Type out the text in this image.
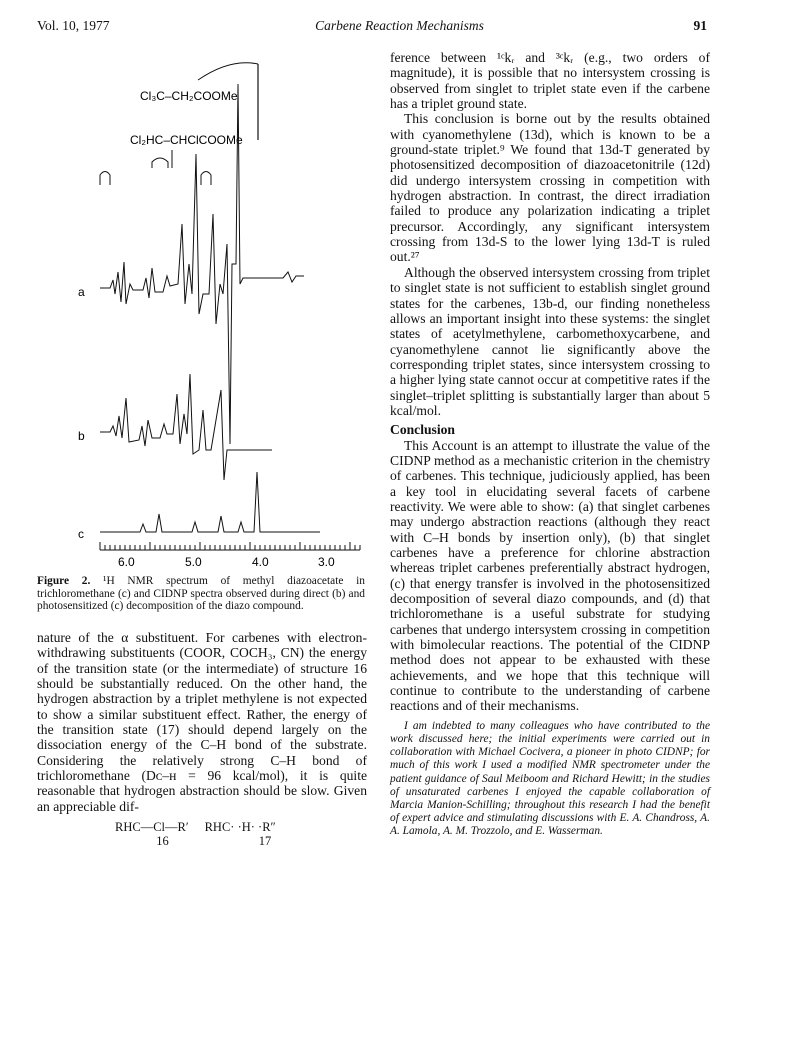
Vol. 10, 1977	Carbene Reaction Mechanisms	91
Cl₃C–CH₂COOMe
Cl₂HC–CHClCOOMe
a
b
c
6.0	5.0	4.0	3.0
Figure 2. ¹H NMR spectrum of methyl diazoacetate in trichloromethane (c) and CIDNP spectra observed during direct (b) and photosensitized (c) decomposition of the diazo compound.

nature of the α substituent. For carbenes with electron-withdrawing substituents (COOR, COCH₃, CN) the energy of the transition state (or the intermediate) of structure 16 should be substantially reduced. On the other hand, the hydrogen abstraction by a triplet methylene is not expected to show a similar substituent effect. Rather, the energy of the transition state (17) should depend largely on the dissociation energy of the C–H bond of the substrate. Considering the relatively strong C–H bond of trichloromethane (Dᴄ–ʜ = 96 kcal/mol), it is quite reasonable that hydrogen abstraction should be slow. Given an appreciable dif-

RHC—Cl—R′ RHC· ·H· ·R″
16	17

ference between ¹ᶜkᵣ and ³ᶜkᵣ (e.g., two orders of magnitude), it is possible that no intersystem crossing is observed from singlet to triplet state even if the carbene has a triplet ground state.

This conclusion is borne out by the results obtained with cyanomethylene (13d), which is known to be a ground-state triplet.⁹ We found that 13d-T generated by photosensitized decomposition of diazoacetonitrile (12d) did undergo intersystem crossing in competition with hydrogen abstraction. In contrast, the direct irradiation failed to produce any polarization indicating a triplet precursor. Accordingly, any significant intersystem crossing from 13d-S to the lower lying 13d-T is ruled out.²⁷

Although the observed intersystem crossing from triplet to singlet state is not sufficient to establish singlet ground states for the carbenes, 13b-d, our finding nonetheless allows an important insight into these systems: the singlet states of acetylmethylene, carbomethoxycarbene, and cyanomethylene cannot lie significantly above the corresponding triplet states, since intersystem crossing to a higher lying state cannot occur at competitive rates if the singlet–triplet splitting is substantially larger than about 5 kcal/mol.

Conclusion

This Account is an attempt to illustrate the value of the CIDNP method as a mechanistic criterion in the chemistry of carbenes. This technique, judiciously applied, has been a key tool in elucidating several facets of carbene reactivity. We were able to show: (a) that singlet carbenes may undergo abstraction reactions (although they react with C–H bonds by insertion only), (b) that singlet carbenes have a preference for chlorine abstraction whereas triplet carbenes preferentially abstract hydrogen, (c) that energy transfer is involved in the photosensitized decomposition of several diazo compounds, and (d) that trichloromethane is a useful substrate for studying carbenes that undergo intersystem crossing in competition with bimolecular reactions. The potential of the CIDNP method does not appear to be exhausted with these achievements, and we hope that this technique will continue to contribute to the understanding of carbene reactions and of their mechanisms.

I am indebted to many colleagues who have contributed to the work discussed here; the initial experiments were carried out in collaboration with Michael Cocivera, a pioneer in photo CIDNP; for much of this work I used a modified NMR spectrometer under the patient guidance of Saul Meiboom and Richard Hewitt; in the studies of unsaturated carbenes I enjoyed the capable collaboration of Marcia Manion-Schilling; throughout this research I had the benefit of expert advice and stimulating discussions with E. A. Chandross, A. A. Lamola, A. M. Trozzolo, and E. Wasserman.
